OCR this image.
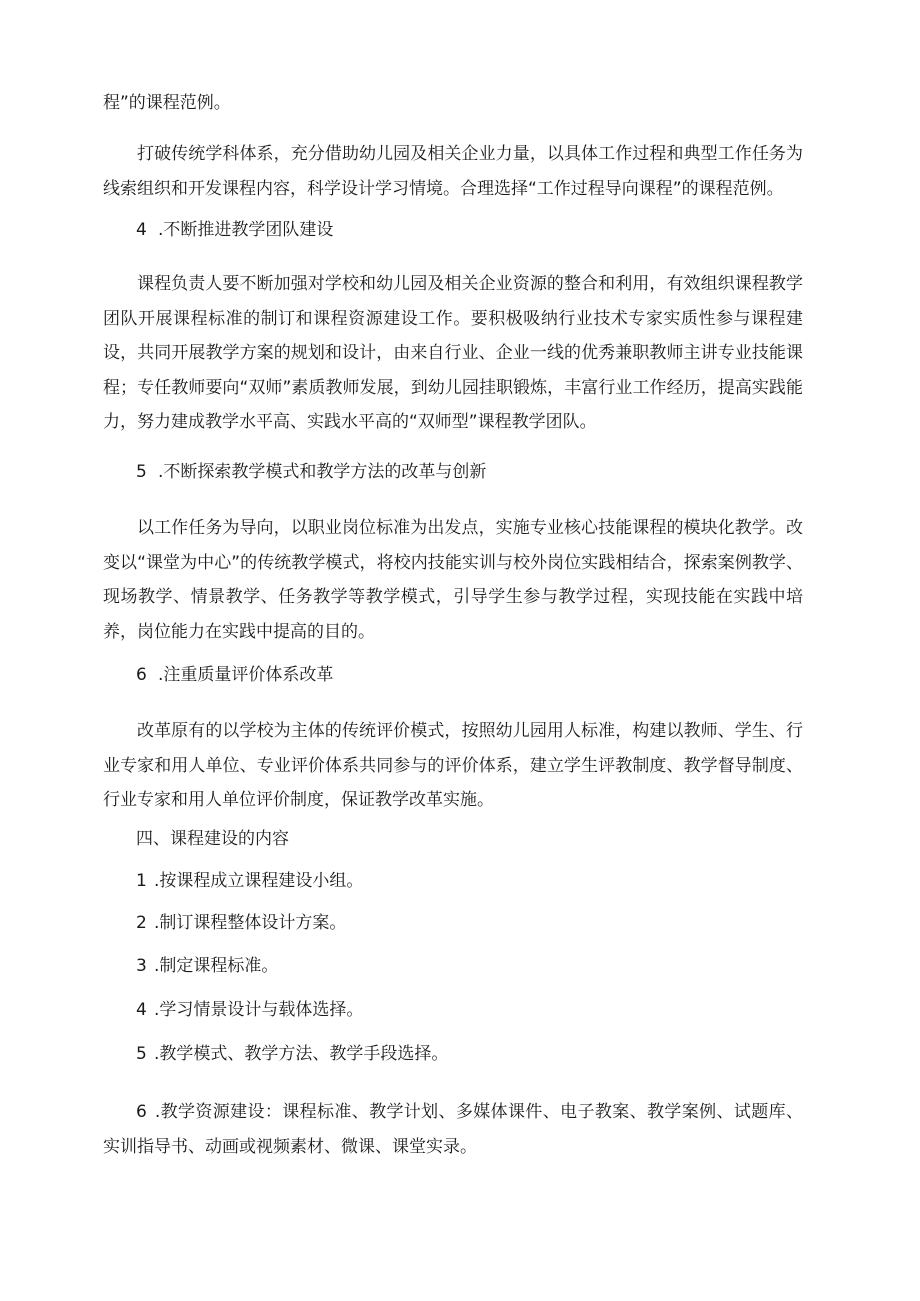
程”的课程范例。

打破传统学科体系，充分借助幼儿园及相关企业力量，以具体工作过程和典型工作任务为线索组织和开发课程内容，科学设计学习情境。合理选择“工作过程导向课程”的课程范例。

4 .不断推进教学团队建设

课程负责人要不断加强对学校和幼儿园及相关企业资源的整合和利用，有效组织课程教学团队开展课程标准的制订和课程资源建设工作。要积极吸纳行业技术专家实质性参与课程建设，共同开展教学方案的规划和设计，由来自行业、企业一线的优秀兼职教师主讲专业技能课程；专任教师要向“双师”素质教师发展，到幼儿园挂职锻炼，丰富行业工作经历，提高实践能力，努力建成教学水平高、实践水平高的“双师型”课程教学团队。

5 .不断探索教学模式和教学方法的改革与创新

以工作任务为导向，以职业岗位标准为出发点，实施专业核心技能课程的模块化教学。改变以“课堂为中心”的传统教学模式，将校内技能实训与校外岗位实践相结合，探索案例教学、现场教学、情景教学、任务教学等教学模式，引导学生参与教学过程，实现技能在实践中培养，岗位能力在实践中提高的目的。

6 .注重质量评价体系改革

改革原有的以学校为主体的传统评价模式，按照幼儿园用人标准，构建以教师、学生、行业专家和用人单位、专业评价体系共同参与的评价体系，建立学生评教制度、教学督导制度、行业专家和用人单位评价制度，保证教学改革实施。

四、课程建设的内容

1 .按课程成立课程建设小组。

2 .制订课程整体设计方案。

3 .制定课程标准。

4 .学习情景设计与载体选择。

5 .教学模式、教学方法、教学手段选择。

6 .教学资源建设：课程标准、教学计划、多媒体课件、电子教案、教学案例、试题库、实训指导书、动画或视频素材、微课、课堂实录。
